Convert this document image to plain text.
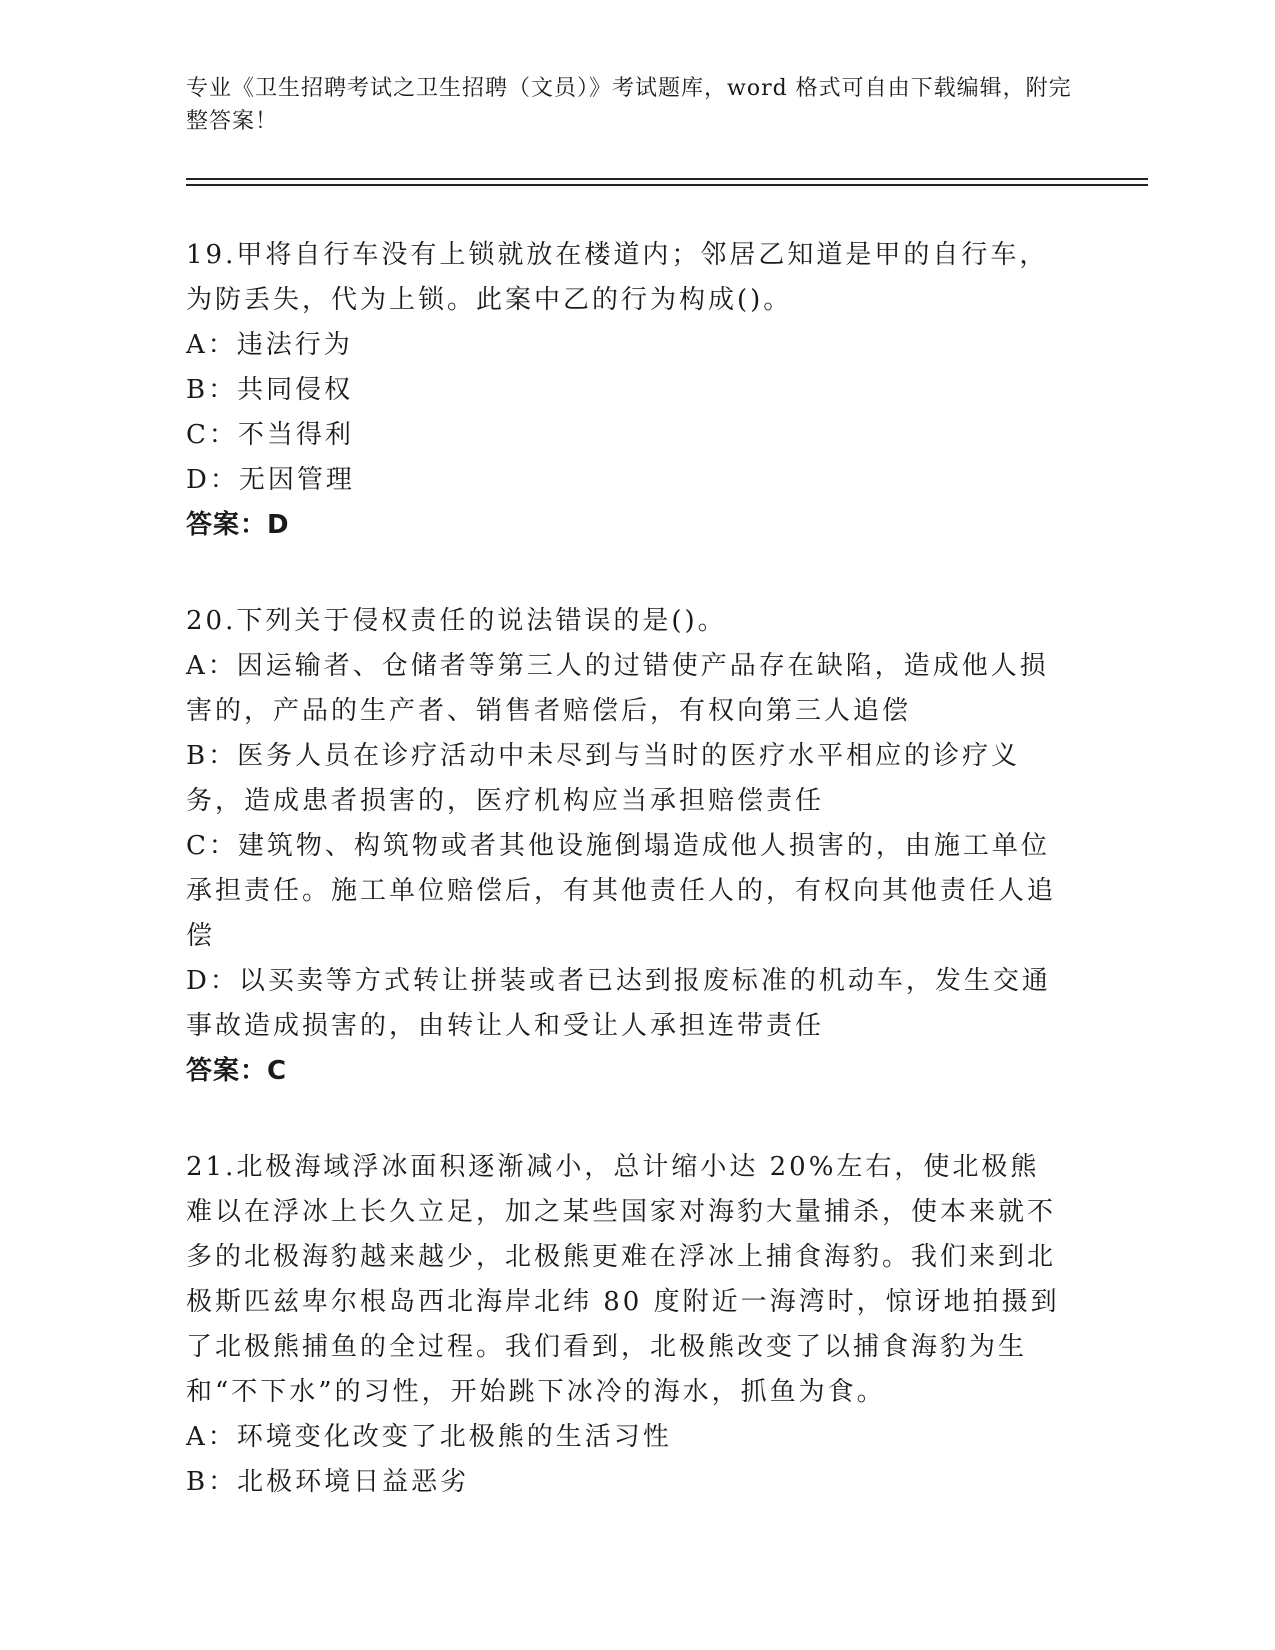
专业《卫生招聘考试之卫生招聘（文员）》考试题库，word 格式可自由下载编辑，附完整答案！

19.甲将自行车没有上锁就放在楼道内；邻居乙知道是甲的自行车，为防丢失，代为上锁。此案中乙的行为构成()。

A：违法行为

B：共同侵权

C：不当得利

D：无因管理

答案：D

20.下列关于侵权责任的说法错误的是()。

A：因运输者、仓储者等第三人的过错使产品存在缺陷，造成他人损害的，产品的生产者、销售者赔偿后，有权向第三人追偿

B：医务人员在诊疗活动中未尽到与当时的医疗水平相应的诊疗义务，造成患者损害的，医疗机构应当承担赔偿责任

C：建筑物、构筑物或者其他设施倒塌造成他人损害的，由施工单位承担责任。施工单位赔偿后，有其他责任人的，有权向其他责任人追偿

D：以买卖等方式转让拼装或者已达到报废标准的机动车，发生交通事故造成损害的，由转让人和受让人承担连带责任

答案：C

21.北极海域浮冰面积逐渐减小，总计缩小达 20%左右，使北极熊难以在浮冰上长久立足，加之某些国家对海豹大量捕杀，使本来就不多的北极海豹越来越少，北极熊更难在浮冰上捕食海豹。我们来到北极斯匹兹卑尔根岛西北海岸北纬 80 度附近一海湾时，惊讶地拍摄到了北极熊捕鱼的全过程。我们看到，北极熊改变了以捕食海豹为生和“不下水”的习性，开始跳下冰冷的海水，抓鱼为食。

A：环境变化改变了北极熊的生活习性

B：北极环境日益恶劣
